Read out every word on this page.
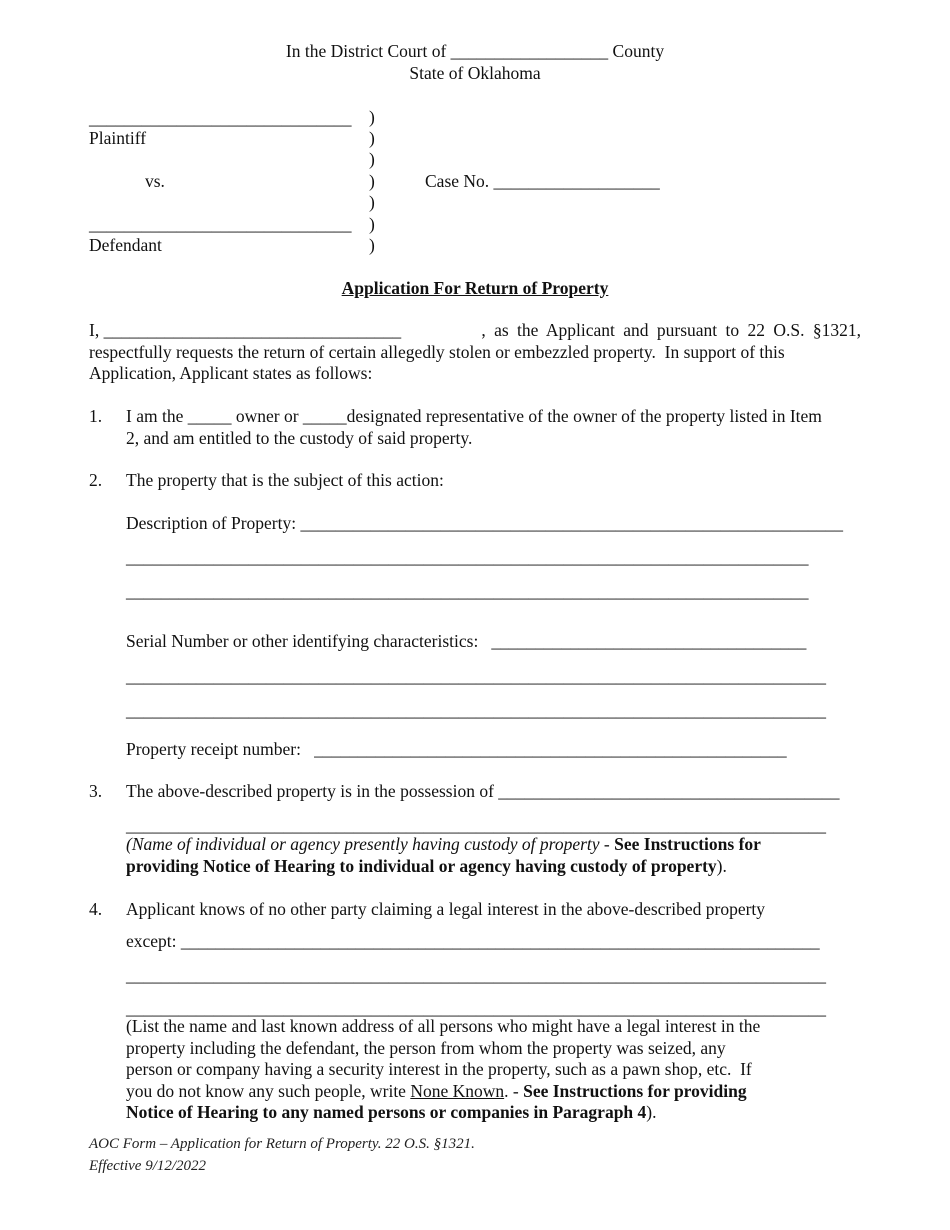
In the District Court of __________________ County
State of Oklahoma
______________________________
Plaintiff
vs.
______________________________
Defendant
)
)
)
)
)
)
)
Case No. ___________________
Application For Return of Property
I, __________________________________	, as the Applicant and pursuant to 22 O.S. §1321,
respectfully requests the return of certain allegedly stolen or embezzled property.  In support of this
Application, Applicant states as follows:
1. I am the _____ owner or _____designated representative of the owner of the property listed in Item
2, and am entitled to the custody of said property.
2. The property that is the subject of this action:
Description of Property: ______________________________________________________________
______________________________________________________________________________
______________________________________________________________________________
Serial Number or other identifying characteristics:   ____________________________________
________________________________________________________________________________
________________________________________________________________________________
Property receipt number:   ______________________________________________________
3. The above-described property is in the possession of _______________________________________
________________________________________________________________________________
(Name of individual or agency presently having custody of property - See Instructions for
providing Notice of Hearing to individual or agency having custody of property).
4. Applicant knows of no other party claiming a legal interest in the above-described property
except: _________________________________________________________________________
________________________________________________________________________________
________________________________________________________________________________
(List the name and last known address of all persons who might have a legal interest in the
property including the defendant, the person from whom the property was seized, any
person or company having a security interest in the property, such as a pawn shop, etc.  If
you do not know any such people, write None Known. - See Instructions for providing
Notice of Hearing to any named persons or companies in Paragraph 4).
AOC Form – Application for Return of Property. 22 O.S. §1321.
Effective 9/12/2022
